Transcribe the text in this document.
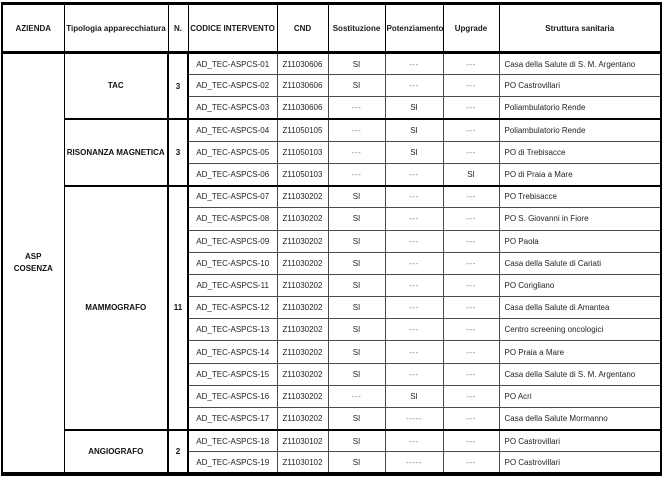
AZIENDA	Tipologia apparecchiatura	N.	CODICE INTERVENTO	CND	Sostituzione	Potenziamento	Upgrade	Struttura sanitaria
ASP COSENZA	TAC	3	AD_TEC-ASPCS-01	Z11030606	SI	---	---	Casa della Salute di S. M. Argentano
			AD_TEC-ASPCS-02	Z11030606	SI	---	---	PO Castrovillari
			AD_TEC-ASPCS-03	Z11030606	---	SI	---	Poliambulatorio Rende
	RISONANZA MAGNETICA	3	AD_TEC-ASPCS-04	Z11050105	---	SI	---	Poliambulatorio Rende
			AD_TEC-ASPCS-05	Z11050103	---	SI	---	PO di Trebisacce
			AD_TEC-ASPCS-06	Z11050103	---	---	SI	PO di Praia a Mare
	MAMMOGRAFO	11	AD_TEC-ASPCS-07	Z11030202	SI	---	---	PO Trebisacce
			AD_TEC-ASPCS-08	Z11030202	SI	---	---	PO S. Giovanni in Fiore
			AD_TEC-ASPCS-09	Z11030202	SI	---	---	PO Paola
			AD_TEC-ASPCS-10	Z11030202	SI	---	---	Casa della Salute di Cariati
			AD_TEC-ASPCS-11	Z11030202	SI	---	---	PO Corigliano
			AD_TEC-ASPCS-12	Z11030202	SI	---	---	Casa della Salute di Amantea
			AD_TEC-ASPCS-13	Z11030202	SI	---	---	Centro screening oncologici
			AD_TEC-ASPCS-14	Z11030202	SI	---	---	PO Praia a Mare
			AD_TEC-ASPCS-15	Z11030202	SI	---	---	Casa della Salute di S. M. Argentano
			AD_TEC-ASPCS-16	Z11030202	---	SI	---	PO Acri
			AD_TEC-ASPCS-17	Z11030202	SI	-----	---	Casa della Salute Mormanno
	ANGIOGRAFO	2	AD_TEC-ASPCS-18	Z11030102	SI	---	---	PO Castrovillari
			AD_TEC-ASPCS-19	Z11030102	SI	-----	---	PO Castrovillari
